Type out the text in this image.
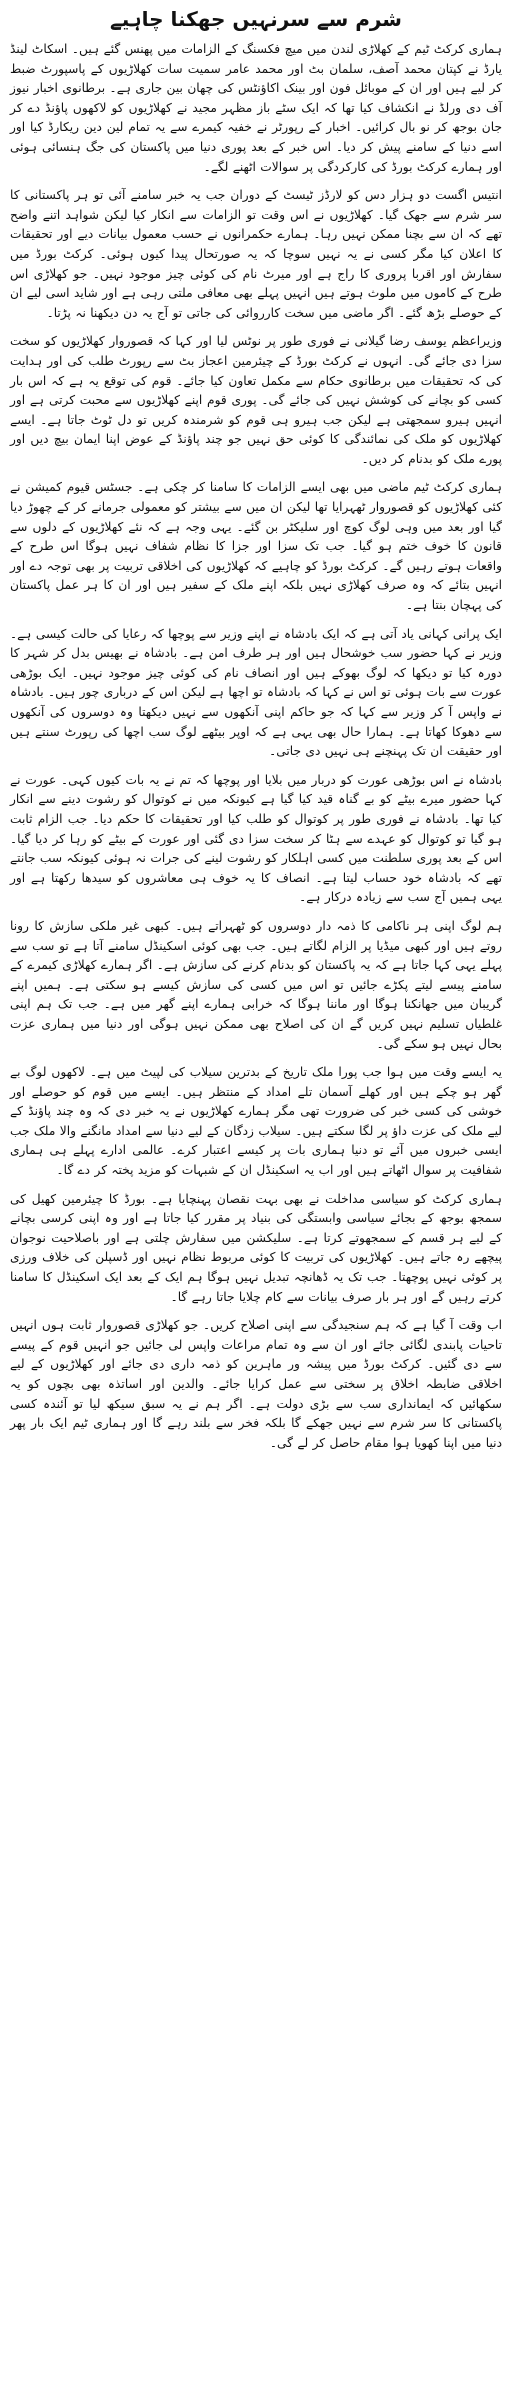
شرم سے سرنہیں جھکنا چاہیے

ہماری کرکٹ ٹیم کے کھلاڑی لندن میں میچ فکسنگ کے الزامات میں پھنس گئے ہیں۔ اسکاٹ لینڈ یارڈ نے کپتان محمد آصف، سلمان بٹ اور محمد عامر سمیت سات کھلاڑیوں کے پاسپورٹ ضبط کر لیے ہیں اور ان کے موبائل فون اور بینک اکاؤنٹس کی چھان بین جاری ہے۔ برطانوی اخبار نیوز آف دی ورلڈ نے انکشاف کیا تھا کہ ایک سٹے باز مظہر مجید نے کھلاڑیوں کو لاکھوں پاؤنڈ دے کر جان بوجھ کر نو بال کرائیں۔ اخبار کے رپورٹر نے خفیہ کیمرے سے یہ تمام لین دین ریکارڈ کیا اور اسے دنیا کے سامنے پیش کر دیا۔ اس خبر کے بعد پوری دنیا میں پاکستان کی جگ ہنسائی ہوئی اور ہمارے کرکٹ بورڈ کی کارکردگی پر سوالات اٹھنے لگے۔

انتیس اگست دو ہزار دس کو لارڈز ٹیسٹ کے دوران جب یہ خبر سامنے آئی تو ہر پاکستانی کا سر شرم سے جھک گیا۔ کھلاڑیوں نے اس وقت تو الزامات سے انکار کیا لیکن شواہد اتنے واضح تھے کہ ان سے بچنا ممکن نہیں رہا۔ ہمارے حکمرانوں نے حسب معمول بیانات دیے اور تحقیقات کا اعلان کیا مگر کسی نے یہ نہیں سوچا کہ یہ صورتحال پیدا کیوں ہوئی۔ کرکٹ بورڈ میں سفارش اور اقربا پروری کا راج ہے اور میرٹ نام کی کوئی چیز موجود نہیں۔ جو کھلاڑی اس طرح کے کاموں میں ملوث ہوتے ہیں انہیں پہلے بھی معافی ملتی رہی ہے اور شاید اسی لیے ان کے حوصلے بڑھ گئے۔ اگر ماضی میں سخت کارروائی کی جاتی تو آج یہ دن دیکھنا نہ پڑتا۔

وزیراعظم یوسف رضا گیلانی نے فوری طور پر نوٹس لیا اور کہا کہ قصوروار کھلاڑیوں کو سخت سزا دی جائے گی۔ انہوں نے کرکٹ بورڈ کے چیئرمین اعجاز بٹ سے رپورٹ طلب کی اور ہدایت کی کہ تحقیقات میں برطانوی حکام سے مکمل تعاون کیا جائے۔ قوم کی توقع یہ ہے کہ اس بار کسی کو بچانے کی کوشش نہیں کی جائے گی۔ پوری قوم اپنے کھلاڑیوں سے محبت کرتی ہے اور انہیں ہیرو سمجھتی ہے لیکن جب ہیرو ہی قوم کو شرمندہ کریں تو دل ٹوٹ جاتا ہے۔ ایسے کھلاڑیوں کو ملک کی نمائندگی کا کوئی حق نہیں جو چند پاؤنڈ کے عوض اپنا ایمان بیچ دیں اور پورے ملک کو بدنام کر دیں۔

ہماری کرکٹ ٹیم ماضی میں بھی ایسے الزامات کا سامنا کر چکی ہے۔ جسٹس قیوم کمیشن نے کئی کھلاڑیوں کو قصوروار ٹھہرایا تھا لیکن ان میں سے بیشتر کو معمولی جرمانے کر کے چھوڑ دیا گیا اور بعد میں وہی لوگ کوچ اور سلیکٹر بن گئے۔ یہی وجہ ہے کہ نئے کھلاڑیوں کے دلوں سے قانون کا خوف ختم ہو گیا۔ جب تک سزا اور جزا کا نظام شفاف نہیں ہوگا اس طرح کے واقعات ہوتے رہیں گے۔ کرکٹ بورڈ کو چاہیے کہ کھلاڑیوں کی اخلاقی تربیت پر بھی توجہ دے اور انہیں بتائے کہ وہ صرف کھلاڑی نہیں بلکہ اپنے ملک کے سفیر ہیں اور ان کا ہر عمل پاکستان کی پہچان بنتا ہے۔

ایک پرانی کہانی یاد آتی ہے کہ ایک بادشاہ نے اپنے وزیر سے پوچھا کہ رعایا کی حالت کیسی ہے۔ وزیر نے کہا حضور سب خوشحال ہیں اور ہر طرف امن ہے۔ بادشاہ نے بھیس بدل کر شہر کا دورہ کیا تو دیکھا کہ لوگ بھوکے ہیں اور انصاف نام کی کوئی چیز موجود نہیں۔ ایک بوڑھی عورت سے بات ہوئی تو اس نے کہا کہ بادشاہ تو اچھا ہے لیکن اس کے درباری چور ہیں۔ بادشاہ نے واپس آ کر وزیر سے کہا کہ جو حاکم اپنی آنکھوں سے نہیں دیکھتا وہ دوسروں کی آنکھوں سے دھوکا کھاتا ہے۔ ہمارا حال بھی یہی ہے کہ اوپر بیٹھے لوگ سب اچھا کی رپورٹ سنتے ہیں اور حقیقت ان تک پہنچنے ہی نہیں دی جاتی۔

بادشاہ نے اس بوڑھی عورت کو دربار میں بلایا اور پوچھا کہ تم نے یہ بات کیوں کہی۔ عورت نے کہا حضور میرے بیٹے کو بے گناہ قید کیا گیا ہے کیونکہ میں نے کوتوال کو رشوت دینے سے انکار کیا تھا۔ بادشاہ نے فوری طور پر کوتوال کو طلب کیا اور تحقیقات کا حکم دیا۔ جب الزام ثابت ہو گیا تو کوتوال کو عہدے سے ہٹا کر سخت سزا دی گئی اور عورت کے بیٹے کو رہا کر دیا گیا۔ اس کے بعد پوری سلطنت میں کسی اہلکار کو رشوت لینے کی جرات نہ ہوئی کیونکہ سب جانتے تھے کہ بادشاہ خود حساب لیتا ہے۔ انصاف کا یہ خوف ہی معاشروں کو سیدھا رکھتا ہے اور یہی ہمیں آج سب سے زیادہ درکار ہے۔

ہم لوگ اپنی ہر ناکامی کا ذمہ دار دوسروں کو ٹھہراتے ہیں۔ کبھی غیر ملکی سازش کا رونا روتے ہیں اور کبھی میڈیا پر الزام لگاتے ہیں۔ جب بھی کوئی اسکینڈل سامنے آتا ہے تو سب سے پہلے یہی کہا جاتا ہے کہ یہ پاکستان کو بدنام کرنے کی سازش ہے۔ اگر ہمارے کھلاڑی کیمرے کے سامنے پیسے لیتے پکڑے جائیں تو اس میں کسی کی سازش کیسے ہو سکتی ہے۔ ہمیں اپنے گریبان میں جھانکنا ہوگا اور ماننا ہوگا کہ خرابی ہمارے اپنے گھر میں ہے۔ جب تک ہم اپنی غلطیاں تسلیم نہیں کریں گے ان کی اصلاح بھی ممکن نہیں ہوگی اور دنیا میں ہماری عزت بحال نہیں ہو سکے گی۔

یہ ایسے وقت میں ہوا جب پورا ملک تاریخ کے بدترین سیلاب کی لپیٹ میں ہے۔ لاکھوں لوگ بے گھر ہو چکے ہیں اور کھلے آسمان تلے امداد کے منتظر ہیں۔ ایسے میں قوم کو حوصلے اور خوشی کی کسی خبر کی ضرورت تھی مگر ہمارے کھلاڑیوں نے یہ خبر دی کہ وہ چند پاؤنڈ کے لیے ملک کی عزت داؤ پر لگا سکتے ہیں۔ سیلاب زدگان کے لیے دنیا سے امداد مانگنے والا ملک جب ایسی خبروں میں آئے تو دنیا ہماری بات پر کیسے اعتبار کرے۔ عالمی ادارے پہلے ہی ہماری شفافیت پر سوال اٹھاتے ہیں اور اب یہ اسکینڈل ان کے شبہات کو مزید پختہ کر دے گا۔

ہماری کرکٹ کو سیاسی مداخلت نے بھی بہت نقصان پہنچایا ہے۔ بورڈ کا چیئرمین کھیل کی سمجھ بوجھ کے بجائے سیاسی وابستگی کی بنیاد پر مقرر کیا جاتا ہے اور وہ اپنی کرسی بچانے کے لیے ہر قسم کے سمجھوتے کرتا ہے۔ سلیکشن میں سفارش چلتی ہے اور باصلاحیت نوجوان پیچھے رہ جاتے ہیں۔ کھلاڑیوں کی تربیت کا کوئی مربوط نظام نہیں اور ڈسپلن کی خلاف ورزی پر کوئی نہیں پوچھتا۔ جب تک یہ ڈھانچہ تبدیل نہیں ہوگا ہم ایک کے بعد ایک اسکینڈل کا سامنا کرتے رہیں گے اور ہر بار صرف بیانات سے کام چلایا جاتا رہے گا۔

اب وقت آ گیا ہے کہ ہم سنجیدگی سے اپنی اصلاح کریں۔ جو کھلاڑی قصوروار ثابت ہوں انہیں تاحیات پابندی لگائی جائے اور ان سے وہ تمام مراعات واپس لی جائیں جو انہیں قوم کے پیسے سے دی گئیں۔ کرکٹ بورڈ میں پیشہ ور ماہرین کو ذمہ داری دی جائے اور کھلاڑیوں کے لیے اخلاقی ضابطہ اخلاق پر سختی سے عمل کرایا جائے۔ والدین اور اساتذہ بھی بچوں کو یہ سکھائیں کہ ایمانداری سب سے بڑی دولت ہے۔ اگر ہم نے یہ سبق سیکھ لیا تو آئندہ کسی پاکستانی کا سر شرم سے نہیں جھکے گا بلکہ فخر سے بلند رہے گا اور ہماری ٹیم ایک بار پھر دنیا میں اپنا کھویا ہوا مقام حاصل کر لے گی۔
